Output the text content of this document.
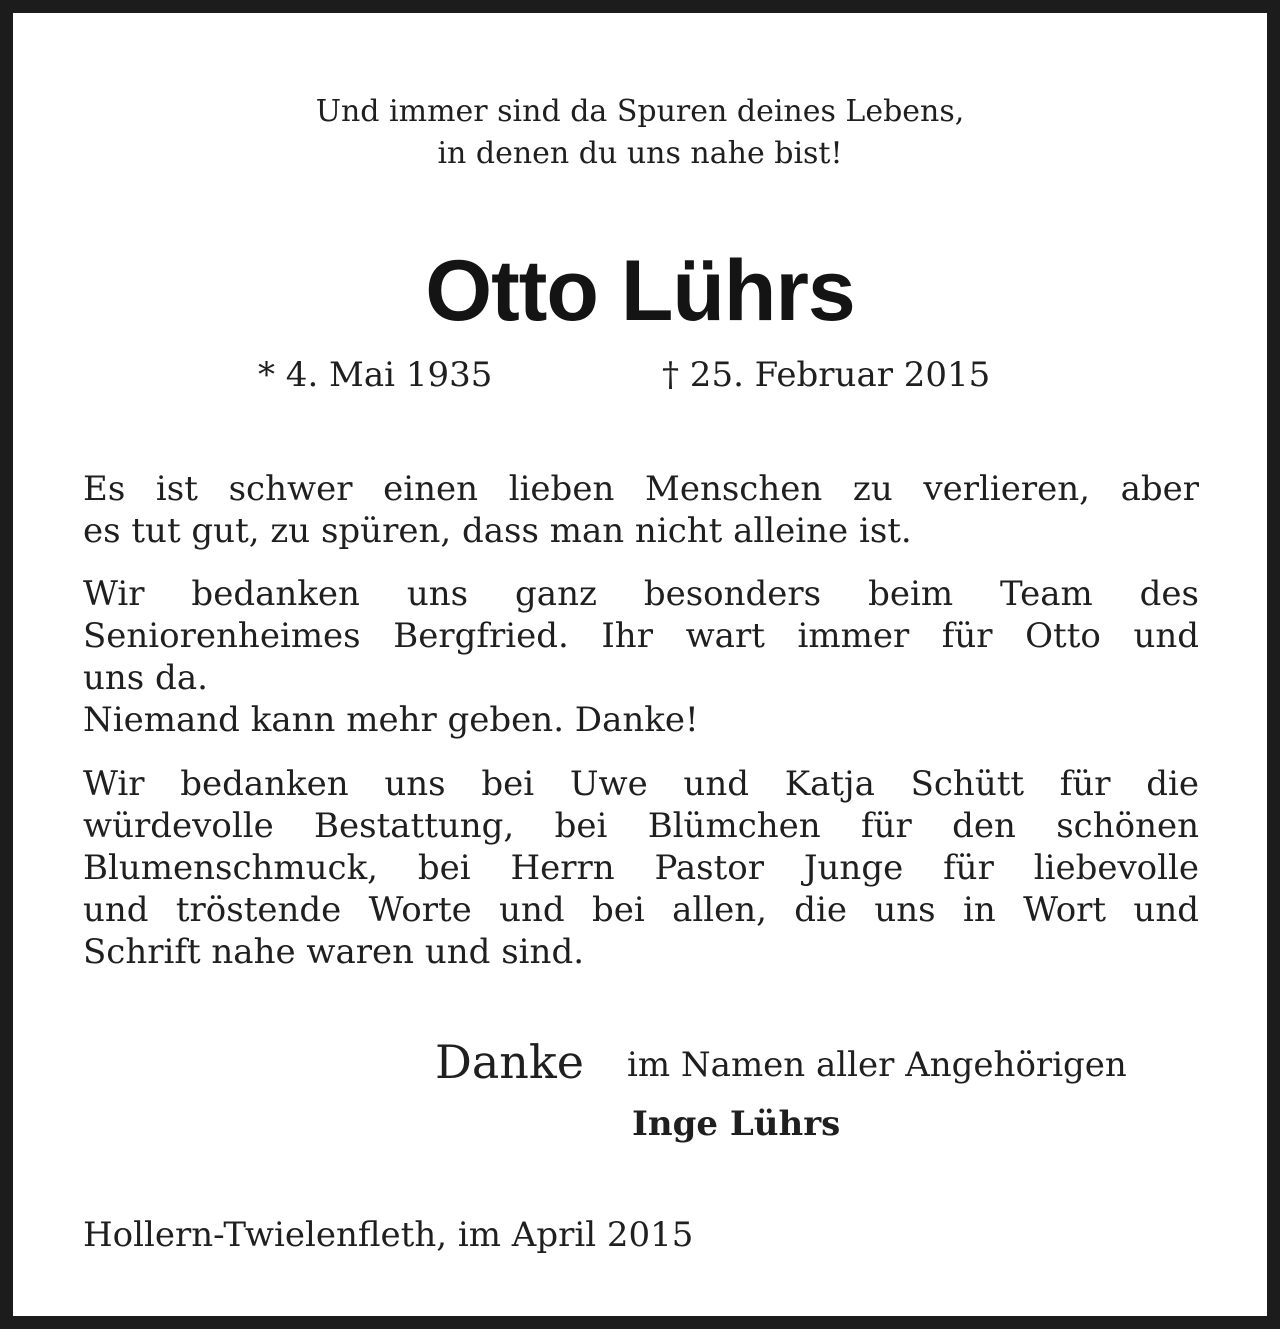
Und immer sind da Spuren deines Lebens,
in denen du uns nahe bist!
Otto Lührs
* 4. Mai 1935	† 25. Februar 2015
Es ist schwer einen lieben Menschen zu verlieren, aber
es tut gut, zu spüren, dass man nicht alleine ist.
Wir bedanken uns ganz besonders beim Team des
Seniorenheimes Bergfried. Ihr wart immer für Otto und
uns da.
Niemand kann mehr geben. Danke!
Wir bedanken uns bei Uwe und Katja Schütt für die
würdevolle Bestattung, bei Blümchen für den schönen
Blumenschmuck, bei Herrn Pastor Junge für liebevolle
und tröstende Worte und bei allen, die uns in Wort und
Schrift nahe waren und sind.
Danke im Namen aller Angehörigen
Inge Lührs
Hollern-Twielenfleth, im April 2015
